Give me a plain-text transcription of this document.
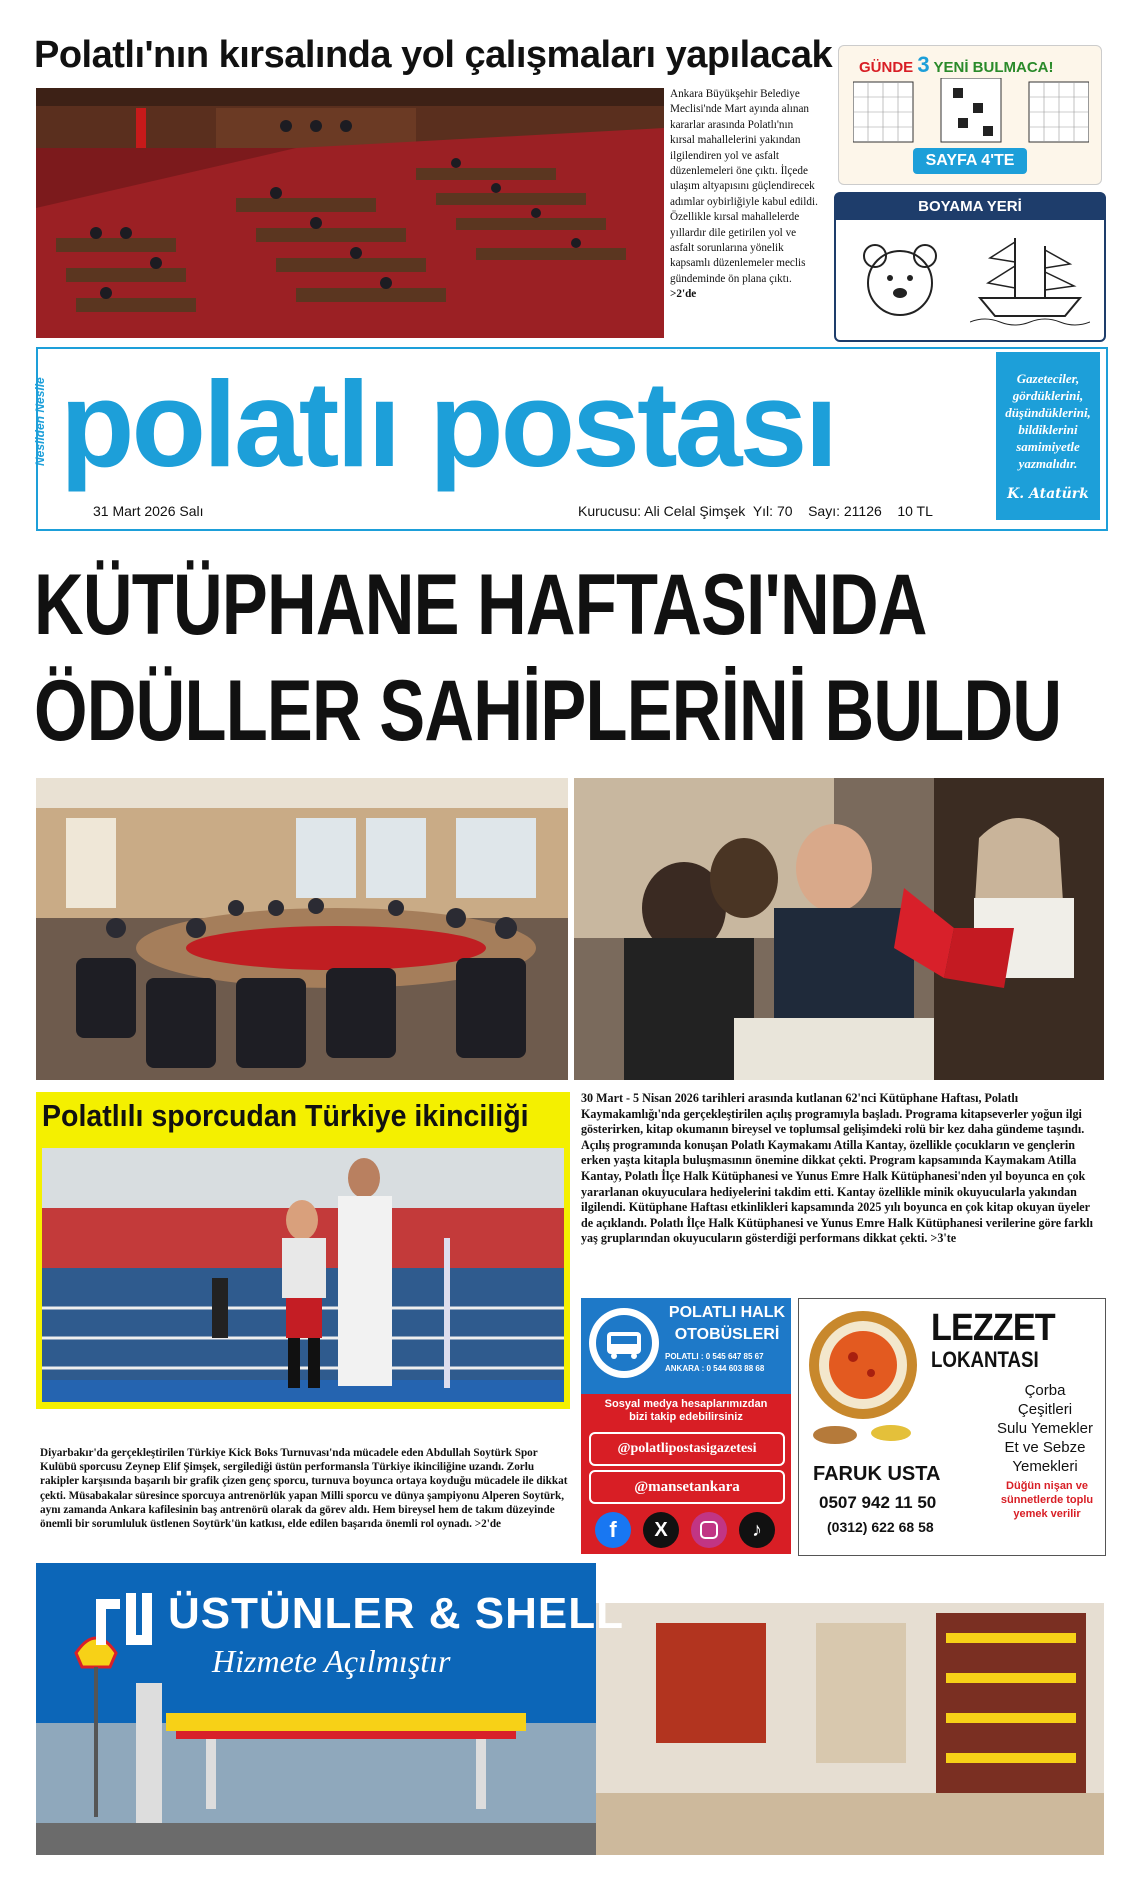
Polatlı'nın kırsalında yol çalışmaları yapılacak
Ankara Büyükşehir Belediye Meclisi'nde Mart ayında alınan kararlar arasında Polatlı'nın kırsal mahallelerini yakından ilgilendiren yol ve asfalt düzenlemeleri öne çıktı. İlçede ulaşım altyapısını güçlendirecek adımlar oybirliğiyle kabul edildi. Özellikle kırsal mahallelerde yıllardır dile getirilen yol ve asfalt sorunlarına yönelik kapsamlı düzenlemeler meclis gündeminde ön plana çıktı. >2'de
GÜNDE 3 YENİ BULMACA!
SAYFA 4'TE
BOYAMA YERİ
Nesilden Nesile polatlı postası	Gazeteciler, gördüklerini, düşündüklerini, bildiklerini samimiyetle yazmalıdır.
K. Atatürk
31 Mart 2026 Salı	Kurucusu: Ali Celal Şimşek Yıl: 70 Sayı: 21126 10 TL
KÜTÜPHANE HAFTASI'NDA
ÖDÜLLER SAHİPLERİNİ BULDU
Polatlılı sporcudan Türkiye ikinciliği
Diyarbakır'da gerçekleştirilen Türkiye Kick Boks Turnuvası'nda mücadele eden Abdullah Soytürk Spor Kulübü sporcusu Zeynep Elif Şimşek, sergilediği üstün performansla Türkiye ikinciliğine uzandı. Zorlu rakipler karşısında başarılı bir grafik çizen genç sporcu, turnuva boyunca ortaya koyduğu mücadele ile dikkat çekti. Müsabakalar süresince sporcuya antrenörlük yapan Milli sporcu ve dünya şampiyonu Alperen Soytürk, aynı zamanda Ankara kafilesinin baş antrenörü olarak da görev aldı. Hem bireysel hem de takım düzeyinde önemli bir sorumluluk üstlenen Soytürk'ün katkısı, elde edilen başarıda önemli rol oynadı. >2'de
30 Mart - 5 Nisan 2026 tarihleri arasında kutlanan 62'nci Kütüphane Haftası, Polatlı Kaymakamlığı'nda gerçekleştirilen açılış programıyla başladı. Programa kitapseverler yoğun ilgi gösterirken, kitap okumanın bireysel ve toplumsal gelişimdeki rolü bir kez daha gündeme taşındı. Açılış programında konuşan Polatlı Kaymakamı Atilla Kantay, özellikle çocukların ve gençlerin erken yaşta kitapla buluşmasının önemine dikkat çekti. Program kapsamında Kaymakam Atilla Kantay, Polatlı İlçe Halk Kütüphanesi ve Yunus Emre Halk Kütüphanesi'nden yıl boyunca en çok yararlanan okuyuculara hediyelerini takdim etti. Kantay özellikle minik okuyucularla yakından ilgilendi. Kütüphane Haftası etkinlikleri kapsamında 2025 yılı boyunca en çok kitap okuyan üyeler de açıklandı. Polatlı İlçe Halk Kütüphanesi ve Yunus Emre Halk Kütüphanesi verilerine göre farklı yaş gruplarından okuyucuların gösterdiği performans dikkat çekti. >3'te
POLATLI HALK
OTOBÜSLERİ
POLATLI : 0 545 647 85 67
ANKARA : 0 544 603 88 68
Sosyal medya hesaplarımızdan bizi takip edebilirsiniz
@polatlipostasigazetesi
@mansetankara
f	X	♪
LEZZET
LOKANTASI
Çorba
Çeşitleri
Sulu Yemekler
Et ve Sebze
Yemekleri
FARUK USTA
0507 942 11 50
(0312) 622 68 58
Düğün nişan ve sünnetlerde toplu yemek verilir
ÜSTÜNLER & SHELL
Hizmete Açılmıştır
